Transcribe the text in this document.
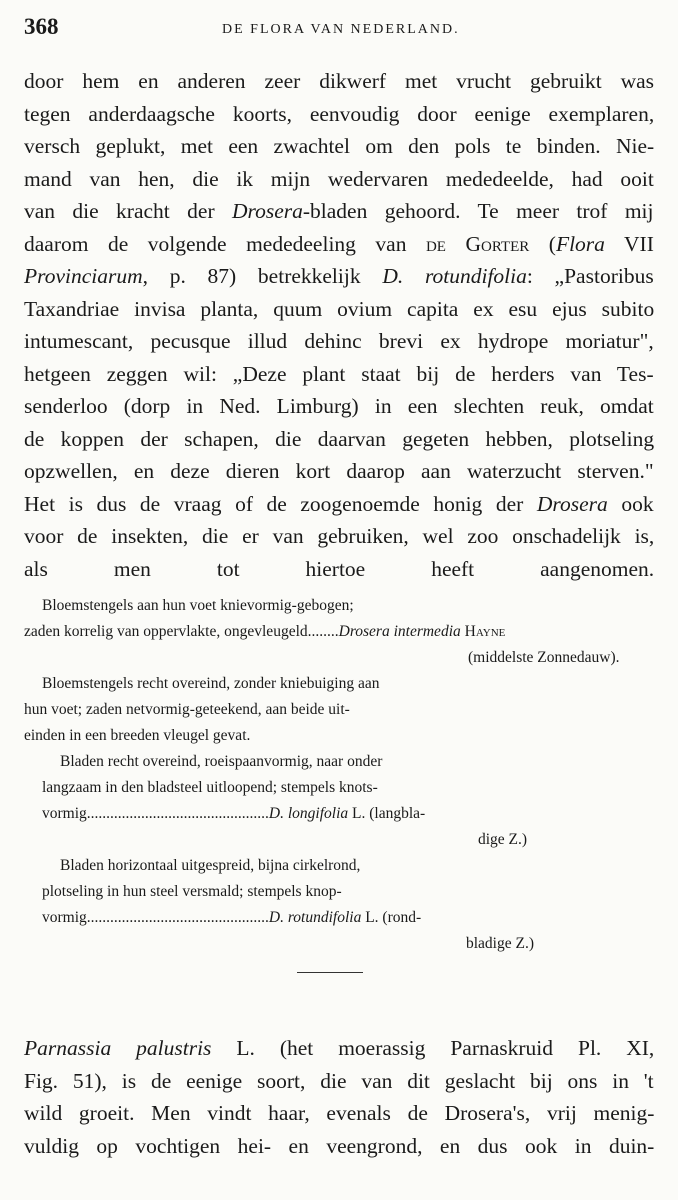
368	DE FLORA VAN NEDERLAND.
door hem en anderen zeer dikwerf met vrucht gebruikt was
tegen anderdaagsche koorts, eenvoudig door eenige exemplaren,
versch geplukt, met een zwachtel om den pols te binden. Nie-
mand van hen, die ik mijn wedervaren mededeelde, had ooit
van die kracht der Drosera-bladen gehoord. Te meer trof mij
daarom de volgende mededeeling van de Gorter (Flora VII
Provinciarum, p. 87) betrekkelijk D. rotundifolia: „Pastoribus
Taxandriae invisa planta, quum ovium capita ex esu ejus subito
intumescant, pecusque illud dehinc brevi ex hydrope moriatur",
hetgeen zeggen wil: „Deze plant staat bij de herders van Tes-
senderloo (dorp in Ned. Limburg) in een slechten reuk, omdat
de koppen der schapen, die daarvan gegeten hebben, plotseling
opzwellen, en deze dieren kort daarop aan waterzucht sterven."
Het is dus de vraag of de zoogenoemde honig der Drosera ook
voor de insekten, die er van gebruiken, wel zoo onschadelijk is,
als men tot hiertoe heeft aangenomen.
Bloemstengels aan hun voet knievormig-gebogen;
zaden korrelig van oppervlakte, ongevleugeld........Drosera intermedia Hayne
(middelste Zonnedauw).
Bloemstengels recht overeind, zonder kniebuiging aan
hun voet; zaden netvormig-geteekend, aan beide uit-
einden in een breeden vleugel gevat.
Bladen recht overeind, roeispaanvormig, naar onder
langzaam in den bladsteel uitloopend; stempels knots-
vormig...............................................D. longifolia L. (langbla-
dige Z.)
Bladen horizontaal uitgespreid, bijna cirkelrond,
plotseling in hun steel versmald; stempels knop-
vormig...............................................D. rotundifolia L. (rond-
bladige Z.)
Parnassia palustris L. (het moerassig Parnaskruid Pl. XI,
Fig. 51), is de eenige soort, die van dit geslacht bij ons in 't
wild groeit. Men vindt haar, evenals de Drosera's, vrij menig-
vuldig op vochtigen hei- en veengrond, en dus ook in duin-
